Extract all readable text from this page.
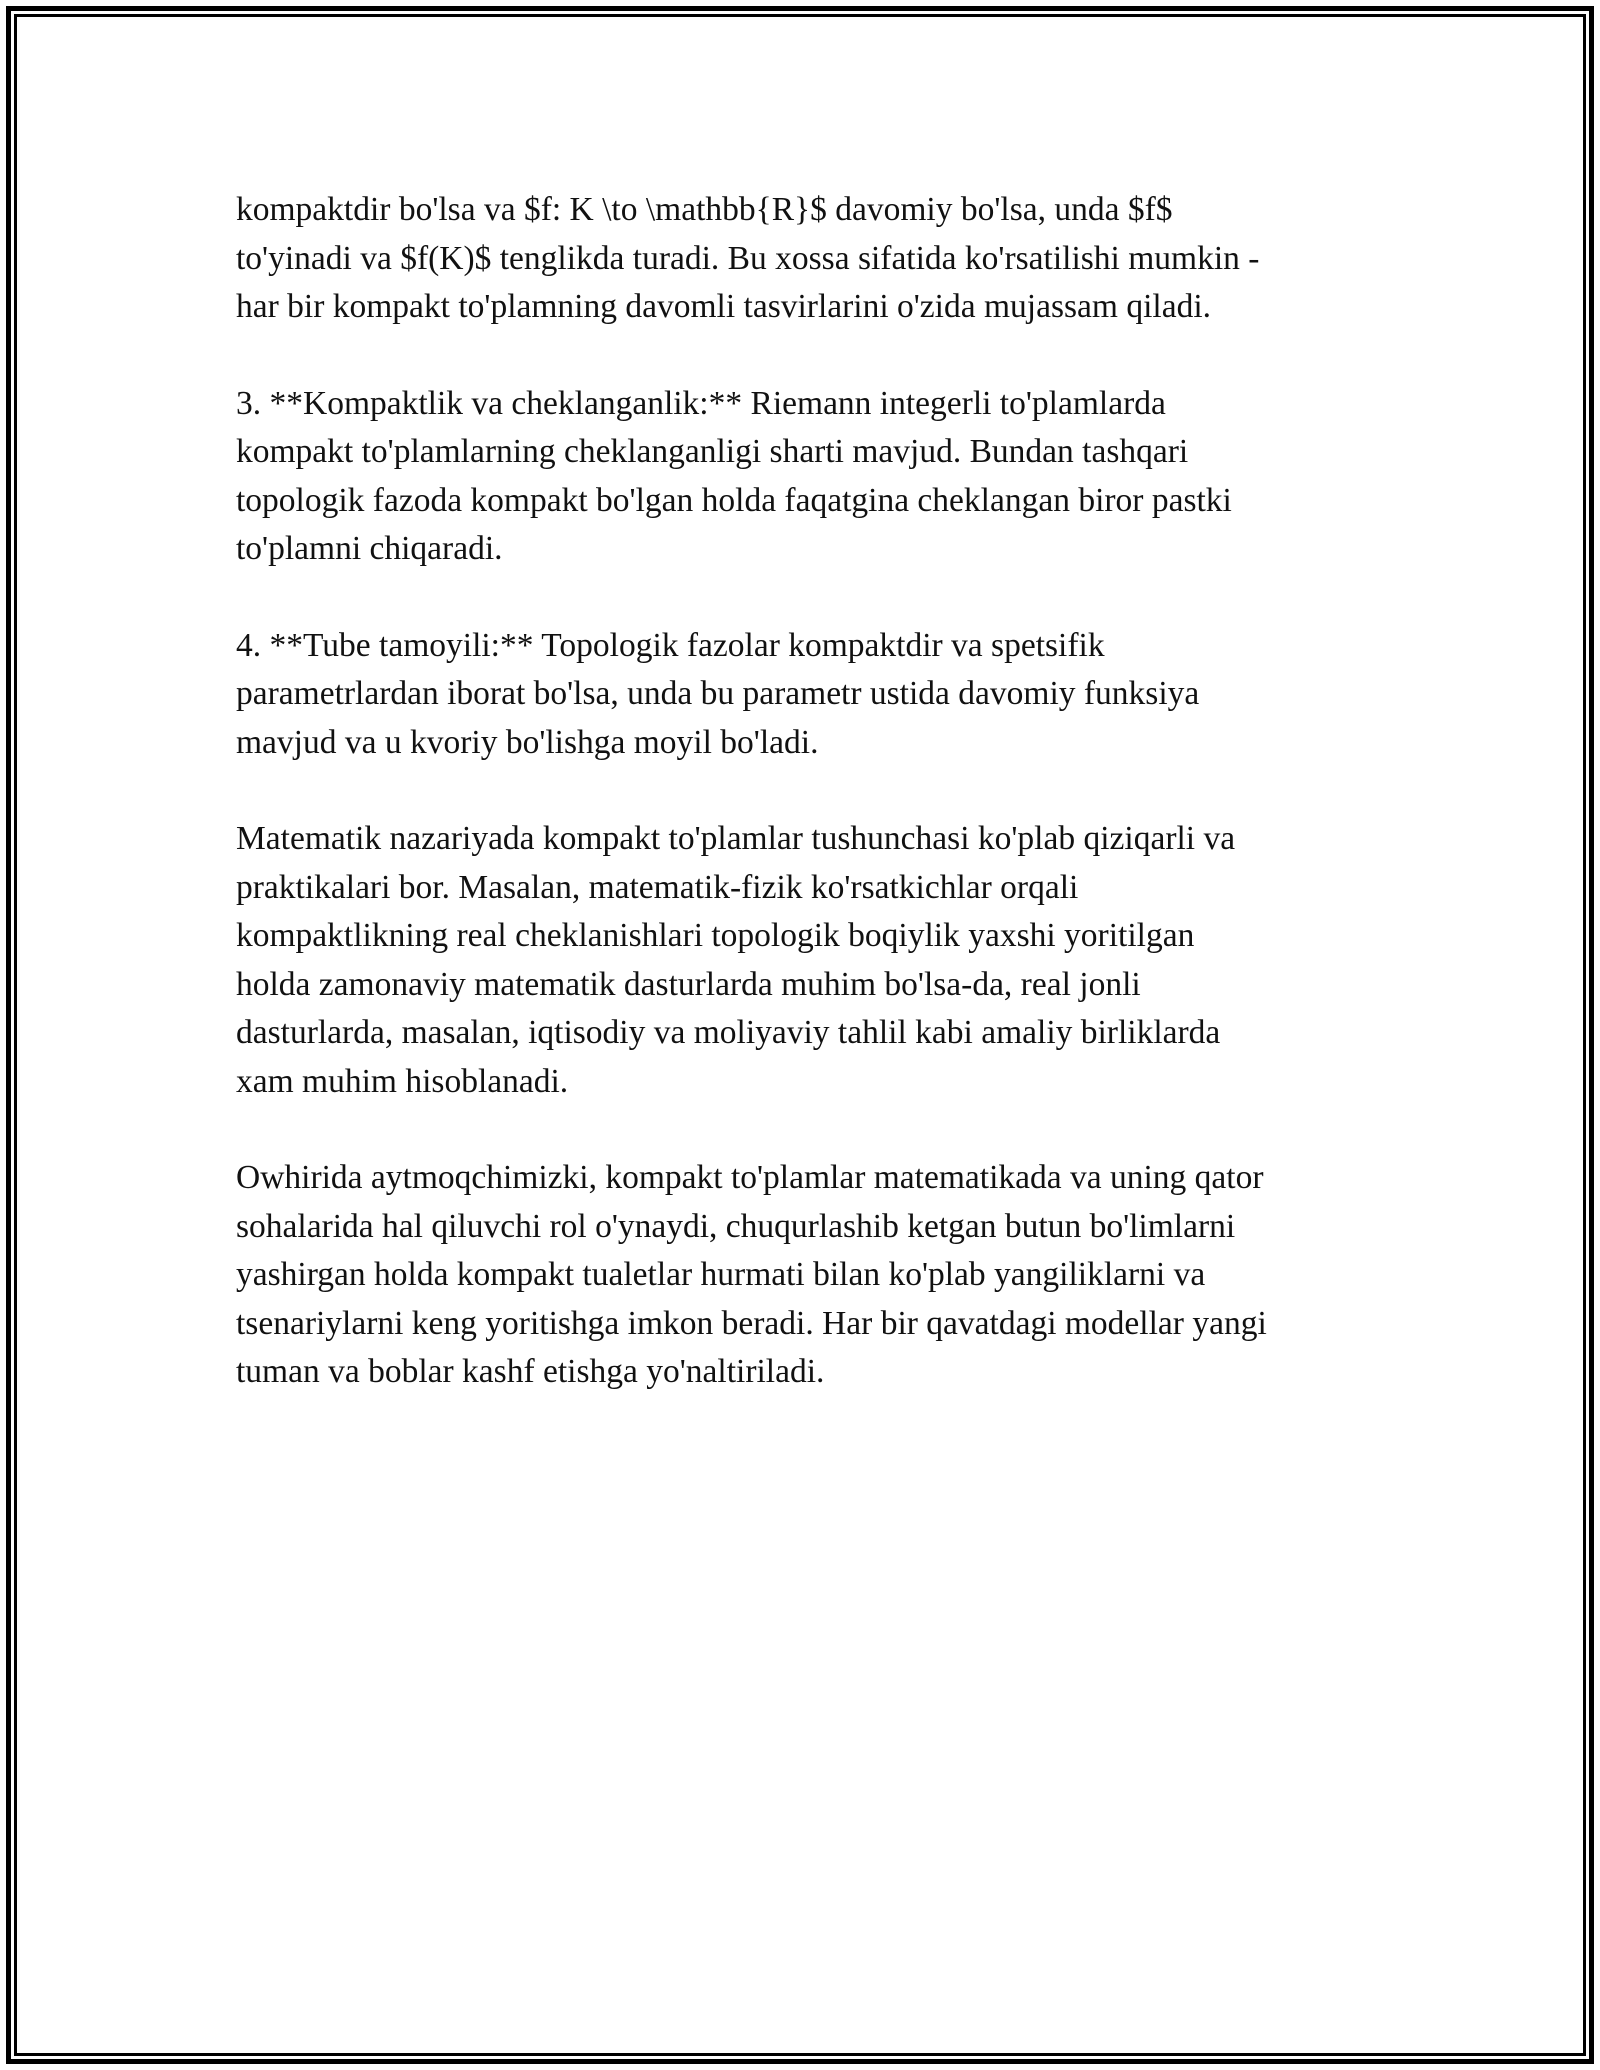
kompaktdir bo'lsa va $f: K \to \mathbb{R}$ davomiy bo'lsa, unda $f$
to'yinadi va $f(K)$ tenglikda turadi. Bu xossa sifatida ko'rsatilishi mumkin -
har bir kompakt to'plamning davomli tasvirlarini o'zida mujassam qiladi.

3. **Kompaktlik va cheklanganlik:** Riemann integerli to'plamlarda
kompakt to'plamlarning cheklanganligi sharti mavjud. Bundan tashqari
topologik fazoda kompakt bo'lgan holda faqatgina cheklangan biror pastki
to'plamni chiqaradi.

4. **Tube tamoyili:** Topologik fazolar kompaktdir va spetsifik
parametrlardan iborat bo'lsa, unda bu parametr ustida davomiy funksiya
mavjud va u kvoriy bo'lishga moyil bo'ladi.

Matematik nazariyada kompakt to'plamlar tushunchasi ko'plab qiziqarli va
praktikalari bor. Masalan, matematik-fizik ko'rsatkichlar orqali
kompaktlikning real cheklanishlari topologik boqiylik yaxshi yoritilgan
holda zamonaviy matematik dasturlarda muhim bo'lsa-da, real jonli
dasturlarda, masalan, iqtisodiy va moliyaviy tahlil kabi amaliy birliklarda
xam muhim hisoblanadi.

Owhirida aytmoqchimizki, kompakt to'plamlar matematikada va uning qator
sohalarida hal qiluvchi rol o'ynaydi, chuqurlashib ketgan butun bo'limlarni
yashirgan holda kompakt tualetlar hurmati bilan ko'plab yangiliklarni va
tsenariylarni keng yoritishga imkon beradi. Har bir qavatdagi modellar yangi
tuman va boblar kashf etishga yo'naltiriladi.
